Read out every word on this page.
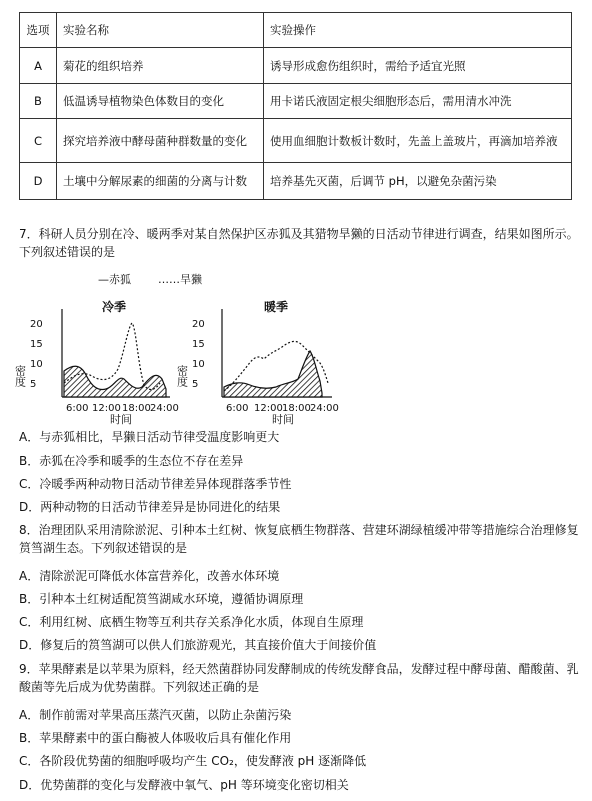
选项	实验名称	实验操作
A	菊花的组织培养	诱导形成愈伤组织时，需给予适宜光照
B	低温诱导植物染色体数目的变化	用卡诺氏液固定根尖细胞形态后，需用清水冲洗
C	探究培养液中酵母菌种群数量的变化	使用血细胞计数板计数时，先盖上盖玻片，再滴加培养液
D	土壤中分解尿素的细菌的分离与计数	培养基先灭菌，后调节 pH，以避免杂菌污染

7．科研人员分别在冷、暖两季对某自然保护区赤狐及其猎物旱獭的日活动节律进行调查，结果如图所示。下列叙述错误的是

—赤狐 ……旱獭
冷季
20
15
10
5
密度
6:00 12:00 18:00 24:00
时间
暖季
20
15
10
5
密度
6:00 12:00 18:00 24:00
时间

A．与赤狐相比，旱獭日活动节律受温度影响更大

B．赤狐在冷季和暖季的生态位不存在差异

C．冷暖季两种动物日活动节律差异体现群落季节性

D．两种动物的日活动节律差异是协同进化的结果

8．治理团队采用清除淤泥、引种本土红树、恢复底栖生物群落、营建环湖绿植缓冲带等措施综合治理修复筼筜湖生态。下列叙述错误的是

A．清除淤泥可降低水体富营养化，改善水体环境

B．引种本土红树适配筼筜湖咸水环境，遵循协调原理

C．利用红树、底栖生物等互利共存关系净化水质，体现自生原理

D．修复后的筼筜湖可以供人们旅游观光，其直接价值大于间接价值

9．苹果酵素是以苹果为原料，经天然菌群协同发酵制成的传统发酵食品，发酵过程中酵母菌、醋酸菌、乳酸菌等先后成为优势菌群。下列叙述正确的是

A．制作前需对苹果高压蒸汽灭菌，以防止杂菌污染

B．苹果酵素中的蛋白酶被人体吸收后具有催化作用

C．各阶段优势菌的细胞呼吸均产生 CO₂，使发酵液 pH 逐渐降低

D．优势菌群的变化与发酵液中氧气、pH 等环境变化密切相关
